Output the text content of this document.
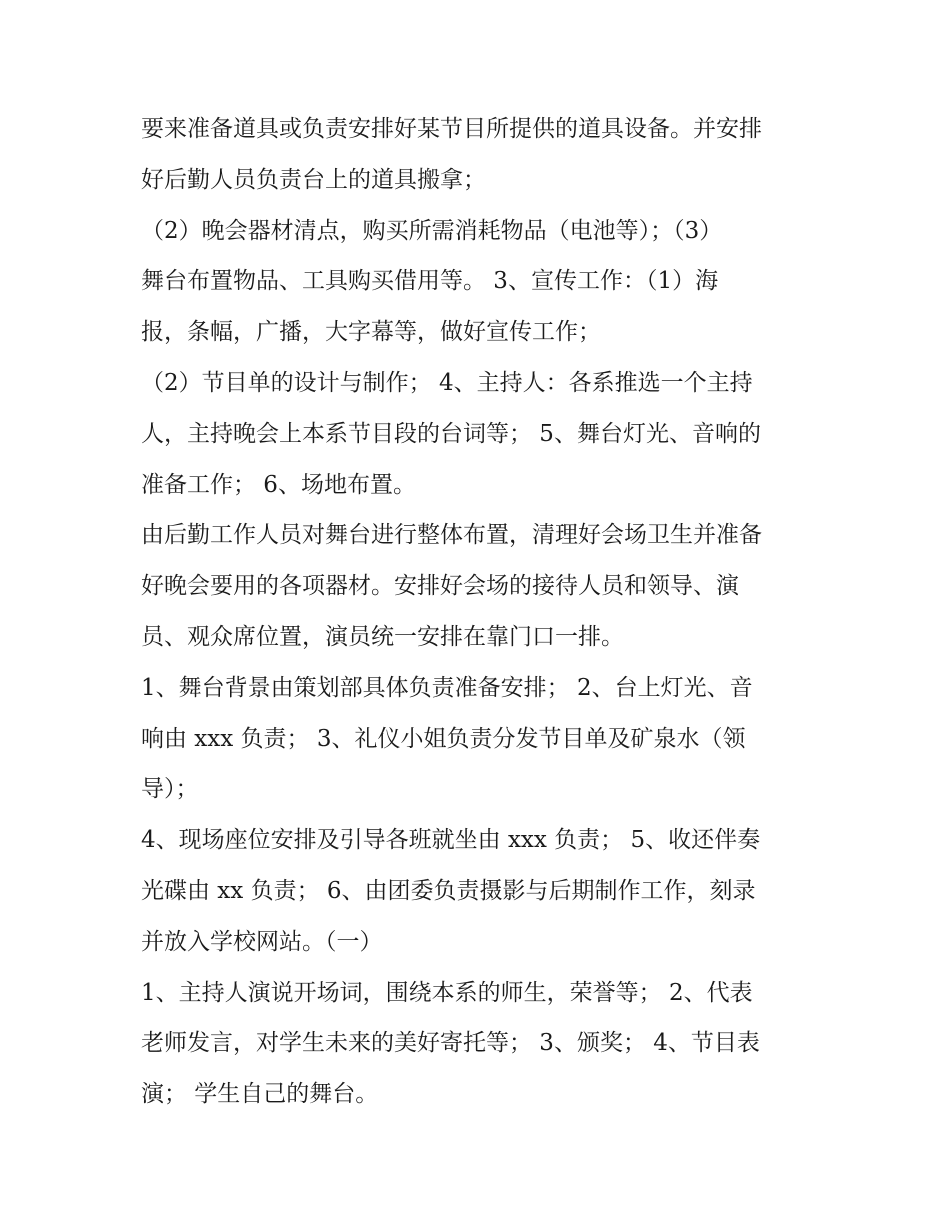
要来准备道具或负责安排好某节目所提供的道具设备。并安排
好后勤人员负责台上的道具搬拿；
（2）晚会器材清点，购买所需消耗物品（电池等）；（3）
舞台布置物品、工具购买借用等。 3、宣传工作：（1）海
报，条幅，广播，大字幕等，做好宣传工作；
（2）节目单的设计与制作； 4、主持人：各系推选一个主持
人，主持晚会上本系节目段的台词等； 5、舞台灯光、音响的
准备工作； 6、场地布置。
由后勤工作人员对舞台进行整体布置，清理好会场卫生并准备
好晚会要用的各项器材。安排好会场的接待人员和领导、演
员、观众席位置，演员统一安排在靠门口一排。
1、舞台背景由策划部具体负责准备安排； 2、台上灯光、音
响由 xxx 负责； 3、礼仪小姐负责分发节目单及矿泉水（领
导）；
4、现场座位安排及引导各班就坐由 xxx 负责； 5、收还伴奏
光碟由 xx 负责； 6、由团委负责摄影与后期制作工作，刻录
并放入学校网站。（一）
1、主持人演说开场词，围绕本系的师生，荣誉等； 2、代表
老师发言，对学生未来的美好寄托等； 3、颁奖； 4、节目表
演； 学生自己的舞台。
